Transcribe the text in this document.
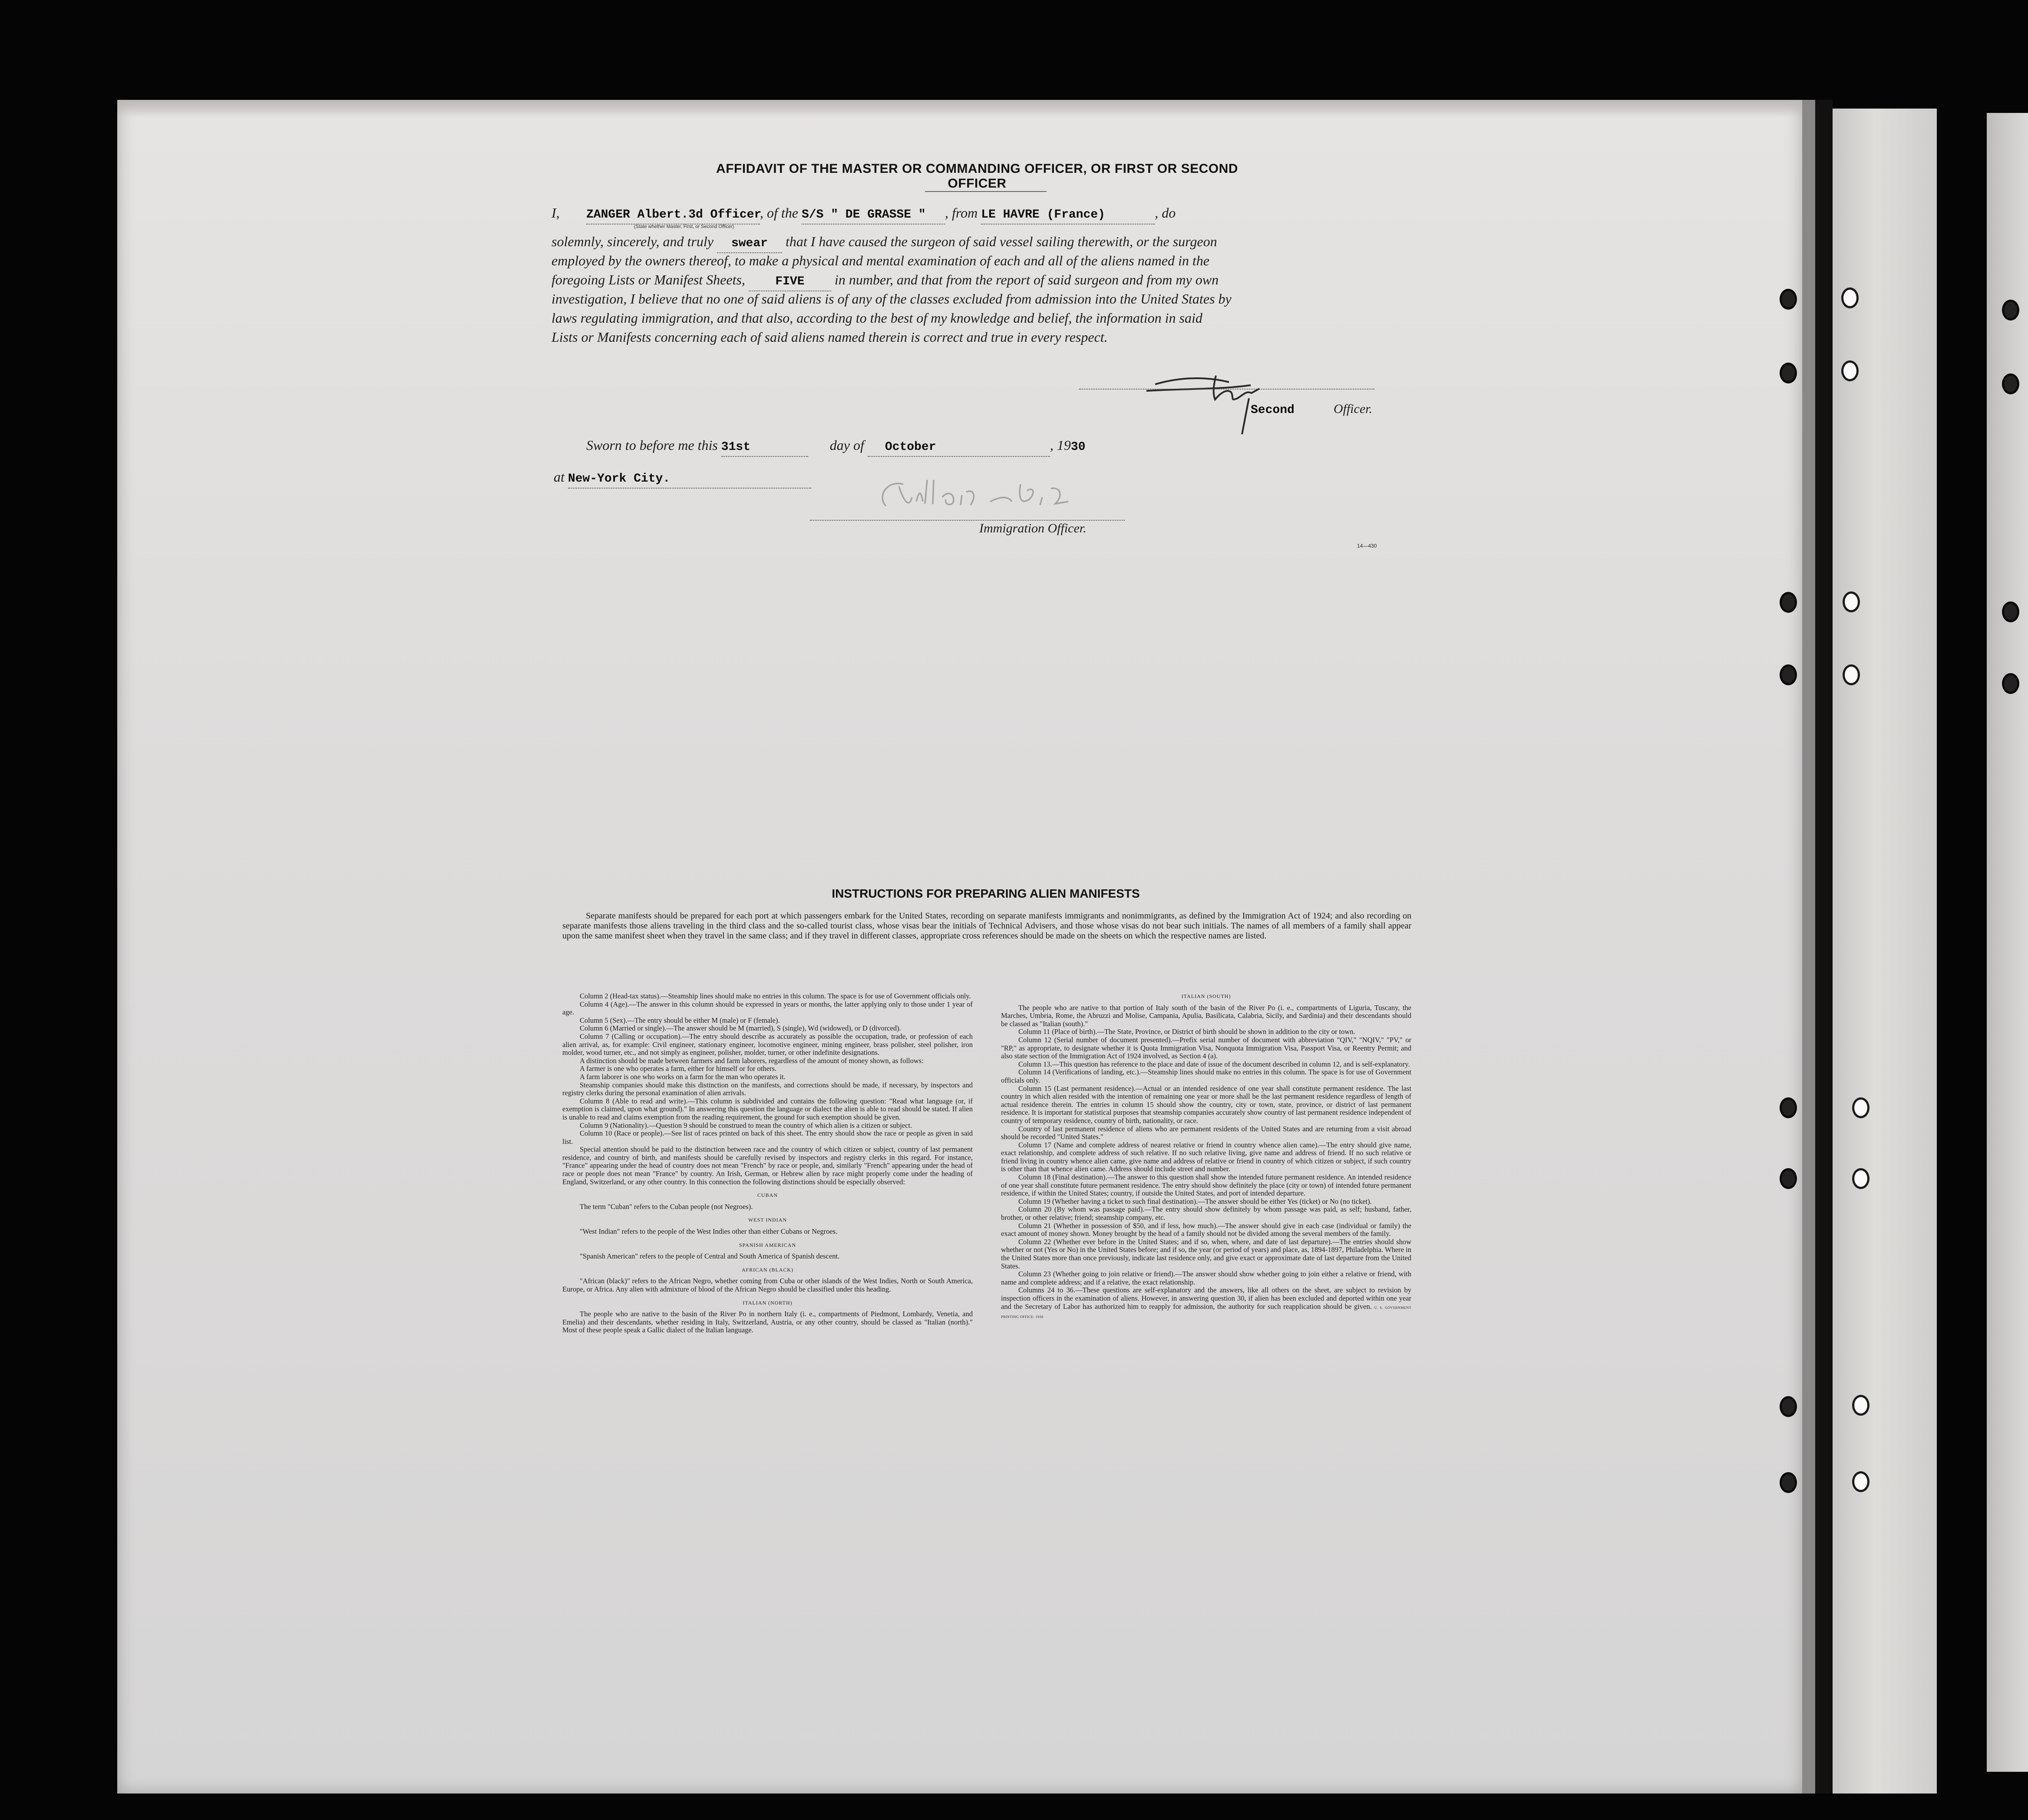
AFFIDAVIT OF THE MASTER OR COMMANDING OFFICER, OR FIRST OR SECOND OFFICER
I, ZANGER Albert.3d Officer, of the S/S " DE GRASSE " , from LE HAVRE (France)	, do
(State whether Master, First, or Second Officer)
solemnly, sincerely, and truly swear that I have caused the surgeon of said vessel sailing therewith, or the surgeon
employed by the owners thereof, to make a physical and mental examination of each and all of the aliens named in the
foregoing Lists or Manifest Sheets, FIVE in number, and that from the report of said surgeon and from my own
investigation, I believe that no one of said aliens is of any of the classes excluded from admission into the United States by
laws regulating immigration, and that also, according to the best of my knowledge and belief, the information in said
Lists or Manifests concerning each of said aliens named therein is correct and true in every respect.
Second	Officer.
Sworn to before me this 31st	day of October	, 1930
at New-York City.
Immigration Officer.
14—430
INSTRUCTIONS FOR PREPARING ALIEN MANIFESTS
Separate manifests should be prepared for each port at which passengers embark for the United States, recording on separate manifests immigrants and nonimmigrants, as defined by the Immigration Act of 1924; and also recording on separate manifests those aliens traveling in the third class and the so-called tourist class, whose visas bear the initials of Technical Advisers, and those whose visas do not bear such initials. The names of all members of a family shall appear upon the same manifest sheet when they travel in the same class; and if they travel in different classes, appropriate cross references should be made on the sheets on which the respective names are listed.

Column 2 (Head-tax status).—Steamship lines should make no entries in this column. The space is for use of Government officials only.

Column 4 (Age).—The answer in this column should be expressed in years or months, the latter applying only to those under 1 year of age.

Column 5 (Sex).—The entry should be either M (male) or F (female).

Column 6 (Married or single).—The answer should be M (married), S (single), Wd (widowed), or D (divorced).

Column 7 (Calling or occupation).—The entry should describe as accurately as possible the occupation, trade, or profession of each alien arrival, as, for example: Civil engineer, stationary engineer, locomotive engineer, mining engineer, brass polisher, steel polisher, iron molder, wood turner, etc., and not simply as engineer, polisher, molder, turner, or other indefinite designations.

A distinction should be made between farmers and farm laborers, regardless of the amount of money shown, as follows:

A farmer is one who operates a farm, either for himself or for others.

A farm laborer is one who works on a farm for the man who operates it.

Steamship companies should make this distinction on the manifests, and corrections should be made, if necessary, by inspectors and registry clerks during the personal examination of alien arrivals.

Column 8 (Able to read and write).—This column is subdivided and contains the following question: "Read what language (or, if exemption is claimed, upon what ground)." In answering this question the language or dialect the alien is able to read should be stated. If alien is unable to read and claims exemption from the reading requirement, the ground for such exemption should be given.

Column 9 (Nationality).—Question 9 should be construed to mean the country of which alien is a citizen or subject.

Column 10 (Race or people).—See list of races printed on back of this sheet. The entry should show the race or people as given in said list.

Special attention should be paid to the distinction between race and the country of which citizen or subject, country of last permanent residence, and country of birth, and manifests should be carefully revised by inspectors and registry clerks in this regard. For instance, "France" appearing under the head of country does not mean "French" by race or people, and, similarly "French" appearing under the head of race or people does not mean "France" by country. An Irish, German, or Hebrew alien by race might properly come under the heading of England, Switzerland, or any other country. In this connection the following distinctions should be especially observed:

CUBAN

The term "Cuban" refers to the Cuban people (not Negroes).

WEST INDIAN

"West Indian" refers to the people of the West Indies other than either Cubans or Negroes.

SPANISH AMERICAN

"Spanish American" refers to the people of Central and South America of Spanish descent.

AFRICAN (BLACK)

"African (black)" refers to the African Negro, whether coming from Cuba or other islands of the West Indies, North or South America, Europe, or Africa. Any alien with admixture of blood of the African Negro should be classified under this heading.

ITALIAN (NORTH)

The people who are native to the basin of the River Po in northern Italy (i. e., compartments of Piedmont, Lombardy, Venetia, and Emelia) and their descendants, whether residing in Italy, Switzerland, Austria, or any other country, should be classed as "Italian (north)." Most of these people speak a Gallic dialect of the Italian language.

ITALIAN (SOUTH)

The people who are native to that portion of Italy south of the basin of the River Po (i. e., compartments of Liguria, Tuscany, the Marches, Umbria, Rome, the Abruzzi and Molise, Campania, Apulia, Basilicata, Calabria, Sicily, and Sardinia) and their descendants should be classed as "Italian (south)."

Column 11 (Place of birth).—The State, Province, or District of birth should be shown in addition to the city or town.

Column 12 (Serial number of document presented).—Prefix serial number of document with abbreviation "QIV," "NQIV," "PV," or "RP," as appropriate, to designate whether it is Quota Immigration Visa, Nonquota Immigration Visa, Passport Visa, or Reentry Permit; and also state section of the Immigration Act of 1924 involved, as Section 4 (a).

Column 13.—This question has reference to the place and date of issue of the document described in column 12, and is self-explanatory.

Column 14 (Verifications of landing, etc.).—Steamship lines should make no entries in this column. The space is for use of Government officials only.

Column 15 (Last permanent residence).—Actual or an intended residence of one year shall constitute permanent residence. The last country in which alien resided with the intention of remaining one year or more shall be the last permanent residence regardless of length of actual residence therein. The entries in column 15 should show the country, city or town, state, province, or district of last permanent residence. It is important for statistical purposes that steamship companies accurately show country of last permanent residence independent of country of temporary residence, country of birth, nationality, or race.

Country of last permanent residence of aliens who are permanent residents of the United States and are returning from a visit abroad should be recorded "United States."

Column 17 (Name and complete address of nearest relative or friend in country whence alien came).—The entry should give name, exact relationship, and complete address of such relative. If no such relative living, give name and address of friend. If no such relative or friend living in country whence alien came, give name and address of relative or friend in country of which citizen or subject, if such country is other than that whence alien came. Address should include street and number.

Column 18 (Final destination).—The answer to this question shall show the intended future permanent residence. An intended residence of one year shall constitute future permanent residence. The entry should show definitely the place (city or town) of intended future permanent residence, if within the United States; country, if outside the United States, and port of intended departure.

Column 19 (Whether having a ticket to such final destination).—The answer should be either Yes (ticket) or No (no ticket).

Column 20 (By whom was passage paid).—The entry should show definitely by whom passage was paid, as self; husband, father, brother, or other relative; friend; steamship company, etc.

Column 21 (Whether in possession of $50, and if less, how much).—The answer should give in each case (individual or family) the exact amount of money shown. Money brought by the head of a family should not be divided among the several members of the family.

Column 22 (Whether ever before in the United States; and if so, when, where, and date of last departure).—The entries should show whether or not (Yes or No) in the United States before; and if so, the year (or period of years) and place, as, 1894-1897, Philadelphia. Where in the United States more than once previously, indicate last residence only, and give exact or approximate date of last departure from the United States.

Column 23 (Whether going to join relative or friend).—The answer should show whether going to join either a relative or friend, with name and complete address; and if a relative, the exact relationship.

Columns 24 to 36.—These questions are self-explanatory and the answers, like all others on the sheet, are subject to revision by inspection officers in the examination of aliens. However, in answering question 30, if alien has been excluded and deported within one year and the Secretary of Labor has authorized him to reapply for admission, the authority for such reapplication should be given. U. S. GOVERNMENT PRINTING OFFICE: 1930
